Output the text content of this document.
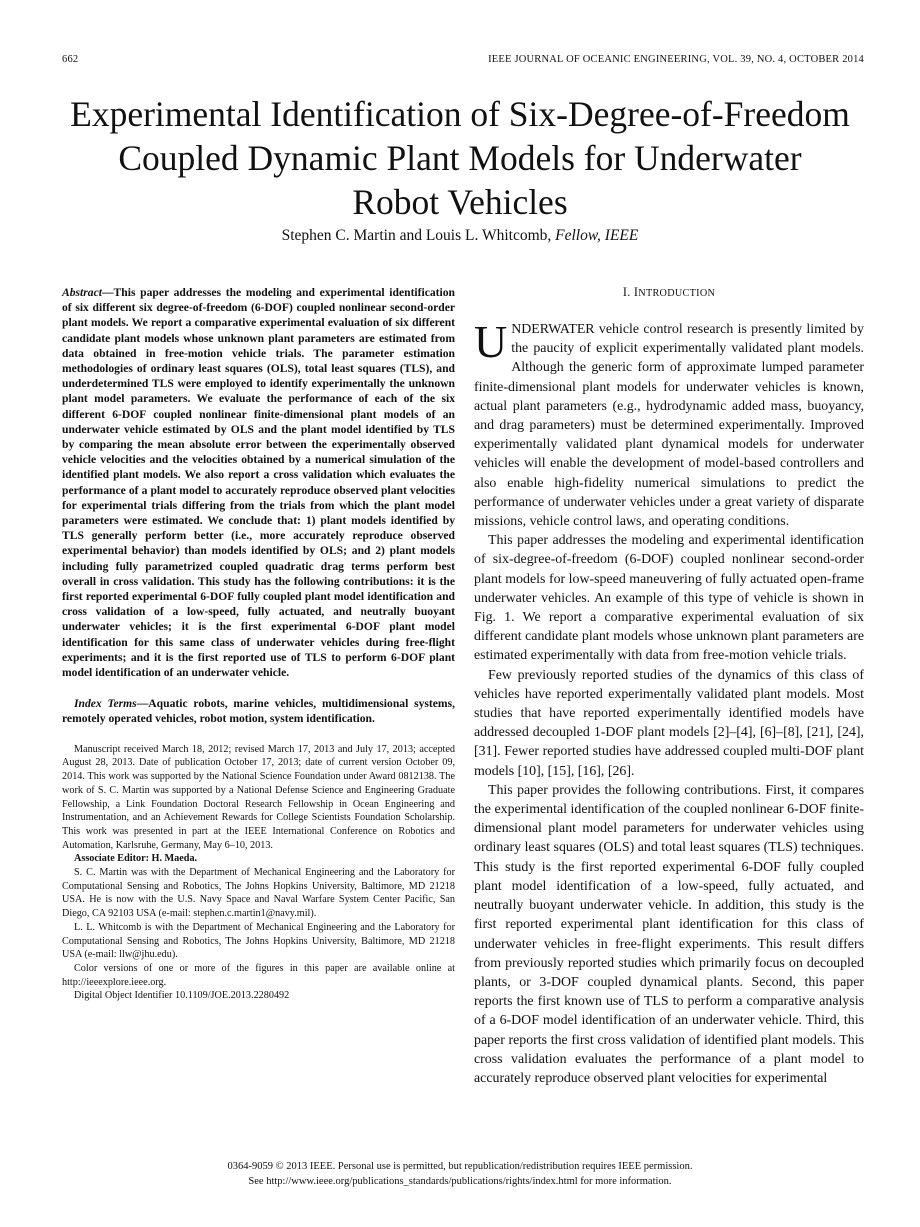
662	IEEE JOURNAL OF OCEANIC ENGINEERING, VOL. 39, NO. 4, OCTOBER 2014
Experimental Identification of Six-Degree-of-Freedom
Coupled Dynamic Plant Models for Underwater
Robot Vehicles
Stephen C. Martin and Louis L. Whitcomb, Fellow, IEEE

Abstract—This paper addresses the modeling and experimental identification of six different six degree-of-freedom (6-DOF) coupled nonlinear second-order plant models. We report a comparative experimental evaluation of six different candidate plant models whose unknown plant parameters are estimated from data obtained in free-motion vehicle trials. The parameter estimation methodologies of ordinary least squares (OLS), total least squares (TLS), and underdetermined TLS were employed to identify experimentally the unknown plant model parameters. We evaluate the performance of each of the six different 6-DOF coupled nonlinear finite-dimensional plant models of an underwater vehicle estimated by OLS and the plant model identified by TLS by comparing the mean absolute error between the experimentally observed vehicle velocities and the velocities obtained by a numerical simulation of the identified plant models. We also report a cross validation which evaluates the performance of a plant model to accurately reproduce observed plant velocities for experimental trials differing from the trials from which the plant model parameters were estimated. We conclude that: 1) plant models identified by TLS generally perform better (i.e., more accurately reproduce observed experimental behavior) than models identified by OLS; and 2) plant models including fully parametrized coupled quadratic drag terms perform best overall in cross validation. This study has the following contributions: it is the first reported experimental 6-DOF fully coupled plant model identification and cross validation of a low-speed, fully actuated, and neutrally buoyant underwater vehicles; it is the first experimental 6-DOF plant model identification for this same class of underwater vehicles during free-flight experiments; and it is the first reported use of TLS to perform 6-DOF plant model identification of an underwater vehicle.

Index Terms—Aquatic robots, marine vehicles, multidimensional systems, remotely operated vehicles, robot motion, system identification.

Manuscript received March 18, 2012; revised March 17, 2013 and July 17, 2013; accepted August 28, 2013. Date of publication October 17, 2013; date of current version October 09, 2014. This work was supported by the National Science Foundation under Award 0812138. The work of S. C. Martin was supported by a National Defense Science and Engineering Graduate Fellowship, a Link Foundation Doctoral Research Fellowship in Ocean Engineering and Instrumentation, and an Achievement Rewards for College Scientists Foundation Scholarship. This work was presented in part at the IEEE International Conference on Robotics and Automation, Karlsruhe, Germany, May 6–10, 2013.

Associate Editor: H. Maeda.

S. C. Martin was with the Department of Mechanical Engineering and the Laboratory for Computational Sensing and Robotics, The Johns Hopkins University, Baltimore, MD 21218 USA. He is now with the U.S. Navy Space and Naval Warfare System Center Pacific, San Diego, CA 92103 USA (e-mail: stephen.c.martin1@navy.mil).

L. L. Whitcomb is with the Department of Mechanical Engineering and the Laboratory for Computational Sensing and Robotics, The Johns Hopkins University, Baltimore, MD 21218 USA (e-mail: llw@jhu.edu).

Color versions of one or more of the figures in this paper are available online at http://ieeexplore.ieee.org.

Digital Object Identifier 10.1109/JOE.2013.2280492

I. INTRODUCTION

UNDERWATER vehicle control research is presently limited by the paucity of explicit experimentally validated plant models. Although the generic form of approximate lumped parameter finite-dimensional plant models for underwater vehicles is known, actual plant parameters (e.g., hydrodynamic added mass, buoyancy, and drag parameters) must be determined experimentally. Improved experimentally validated plant dynamical models for underwater vehicles will enable the development of model-based controllers and also enable high-fidelity numerical simulations to predict the performance of underwater vehicles under a great variety of disparate missions, vehicle control laws, and operating conditions.

This paper addresses the modeling and experimental identification of six-degree-of-freedom (6-DOF) coupled nonlinear second-order plant models for low-speed maneuvering of fully actuated open-frame underwater vehicles. An example of this type of vehicle is shown in Fig. 1. We report a comparative experimental evaluation of six different candidate plant models whose unknown plant parameters are estimated experimentally with data from free-motion vehicle trials.

Few previously reported studies of the dynamics of this class of vehicles have reported experimentally validated plant models. Most studies that have reported experimentally identified models have addressed decoupled 1-DOF plant models [2]–[4], [6]–[8], [21], [24], [31]. Fewer reported studies have addressed coupled multi-DOF plant models [10], [15], [16], [26].

This paper provides the following contributions. First, it compares the experimental identification of the coupled nonlinear 6-DOF finite-dimensional plant model parameters for underwater vehicles using ordinary least squares (OLS) and total least squares (TLS) techniques. This study is the first reported experimental 6-DOF fully coupled plant model identification of a low-speed, fully actuated, and neutrally buoyant underwater vehicle. In addition, this study is the first reported experimental plant identification for this class of underwater vehicles in free-flight experiments. This result differs from previously reported studies which primarily focus on decoupled plants, or 3-DOF coupled dynamical plants. Second, this paper reports the first known use of TLS to perform a comparative analysis of a 6-DOF model identification of an underwater vehicle. Third, this paper reports the first cross validation of identified plant models. This cross validation evaluates the performance of a plant model to accurately reproduce observed plant velocities for experimental

0364-9059 © 2013 IEEE. Personal use is permitted, but republication/redistribution requires IEEE permission.
See http://www.ieee.org/publications_standards/publications/rights/index.html for more information.
